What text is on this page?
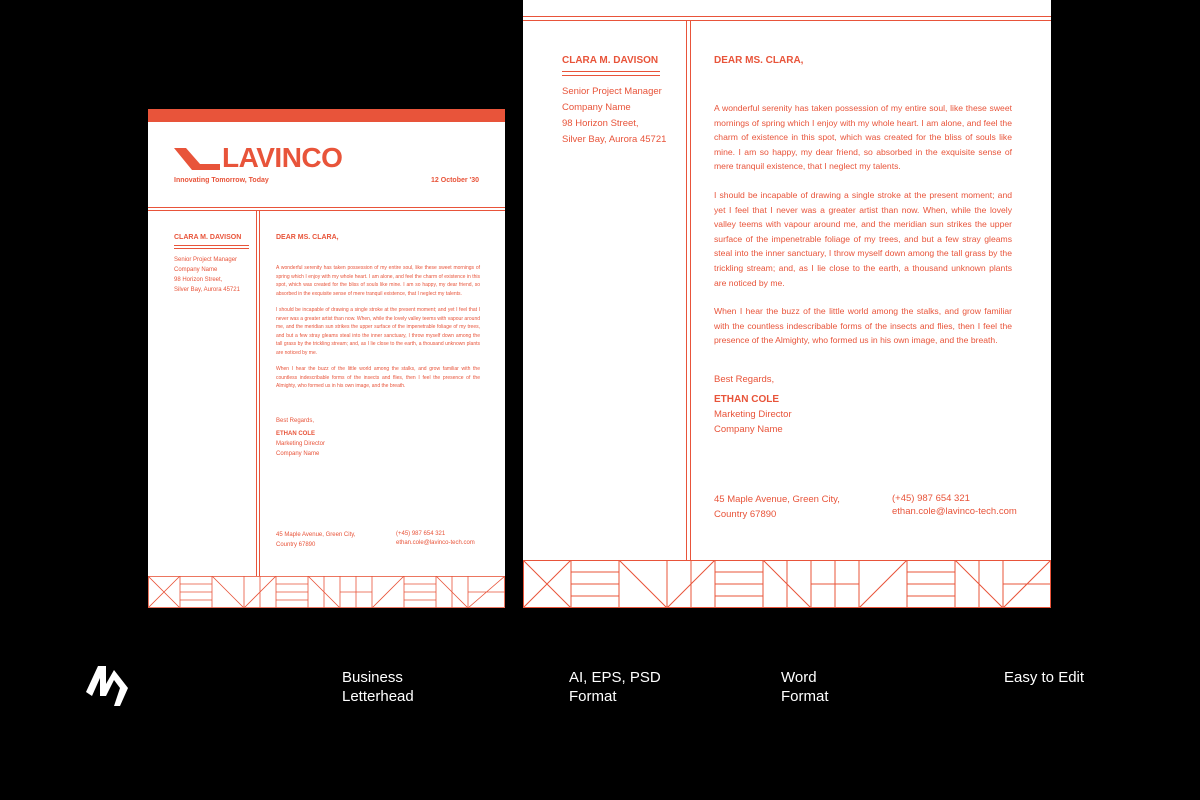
LAVINCO
Innovating Tomorrow, Today	12 October '30
CLARA M. DAVISON
Senior Project Manager
Company Name
98 Horizon Street,
Silver Bay, Aurora 45721
DEAR MS. CLARA,

A wonderful serenity has taken possession of my entire soul, like these sweet mornings of spring which I enjoy with my whole heart. I am alone, and feel the charm of existence in this spot, which was created for the bliss of souls like mine. I am so happy, my dear friend, so absorbed in the exquisite sense of mere tranquil existence, that I neglect my talents.

I should be incapable of drawing a single stroke at the present moment; and yet I feel that I never was a greater artist than now. When, while the lovely valley teems with vapour around me, and the meridian sun strikes the upper surface of the impenetrable foliage of my trees, and but a few stray gleams steal into the inner sanctuary, I throw myself down among the tall grass by the trickling stream; and, as I lie close to the earth, a thousand unknown plants are noticed by me.

When I hear the buzz of the little world among the stalks, and grow familiar with the countless indescribable forms of the insects and flies, then I feel the presence of the Almighty, who formed us in his own image, and the breath.

Best Regards,
ETHAN COLE
Marketing Director
Company Name
45 Maple Avenue, Green City,
Country 67890
(+45) 987 654 321
ethan.cole@lavinco-tech.com
CLARA M. DAVISON
Senior Project Manager
Company Name
98 Horizon Street,
Silver Bay, Aurora 45721
DEAR MS. CLARA,

A wonderful serenity has taken possession of my entire soul, like these sweet mornings of spring which I enjoy with my whole heart. I am alone, and feel the charm of existence in this spot, which was created for the bliss of souls like mine. I am so happy, my dear friend, so absorbed in the exquisite sense of mere tranquil existence, that I neglect my talents.

I should be incapable of drawing a single stroke at the present moment; and yet I feel that I never was a greater artist than now. When, while the lovely valley teems with vapour around me, and the meridian sun strikes the upper surface of the impenetrable foliage of my trees, and but a few stray gleams steal into the inner sanctuary, I throw myself down among the tall grass by the trickling stream; and, as I lie close to the earth, a thousand unknown plants are noticed by me.

When I hear the buzz of the little world among the stalks, and grow familiar with the countless indescribable forms of the insects and flies, then I feel the presence of the Almighty, who formed us in his own image, and the breath.

Best Regards,
ETHAN COLE
Marketing Director
Company Name
45 Maple Avenue, Green City,
Country 67890
(+45) 987 654 321
ethan.cole@lavinco-tech.com
Business
Letterhead
AI, EPS, PSD
Format
Word
Format
Easy to Edit
